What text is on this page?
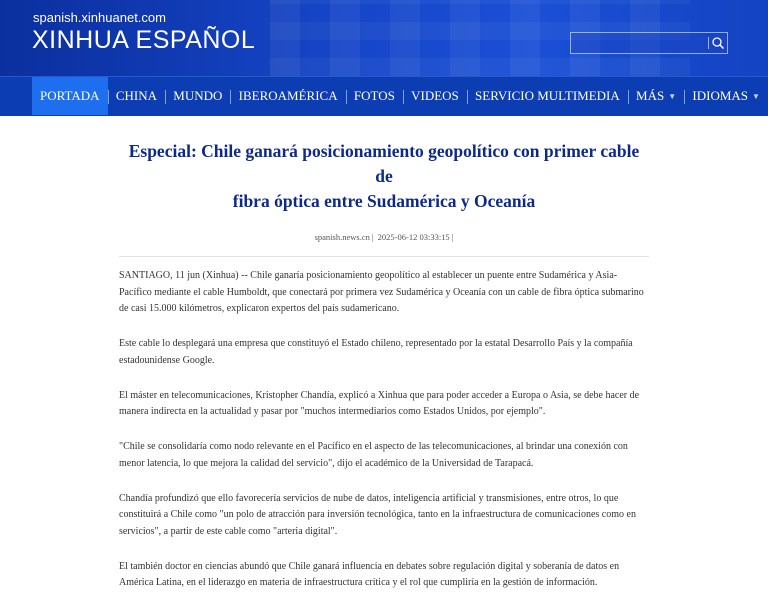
spanish.xinhuanet.com
XINHUA ESPAÑOL
PORTADA CHINA MUNDO IBEROAMÉRICA FOTOS VIDEOS SERVICIO MULTIMEDIA MÁS ▼ IDIOMAS ▼
Especial: Chile ganará posicionamiento geopolítico con primer cable de
fibra óptica entre Sudamérica y Oceanía
spanish.news.cn | 2025-06-12 03:33:15 |

SANTIAGO, 11 jun (Xinhua) -- Chile ganaría posicionamiento geopolítico al establecer un puente entre Sudamérica y Asia-Pacífico mediante el cable Humboldt, que conectará por primera vez Sudamérica y Oceanía con un cable de fibra óptica submarino de casi 15.000 kilómetros, explicaron expertos del país sudamericano.

Este cable lo desplegará una empresa que constituyó el Estado chileno, representado por la estatal Desarrollo País y la compañía estadounidense Google.

El máster en telecomunicaciones, Kristopher Chandía, explicó a Xinhua que para poder acceder a Europa o Asia, se debe hacer de manera indirecta en la actualidad y pasar por "muchos intermediarios como Estados Unidos, por ejemplo".

"Chile se consolidaría como nodo relevante en el Pacífico en el aspecto de las telecomunicaciones, al brindar una conexión con menor latencia, lo que mejora la calidad del servicio", dijo el académico de la Universidad de Tarapacá.

Chandía profundizó que ello favorecería servicios de nube de datos, inteligencia artificial y transmisiones, entre otros, lo que constituirá a Chile como "un polo de atracción para inversión tecnológica, tanto en la infraestructura de comunicaciones como en servicios", a partir de este cable como "arteria digital".

El también doctor en ciencias abundó que Chile ganará influencia en debates sobre regulación digital y soberanía de datos en América Latina, en el liderazgo en materia de infraestructura crítica y el rol que cumpliría en la gestión de información.
